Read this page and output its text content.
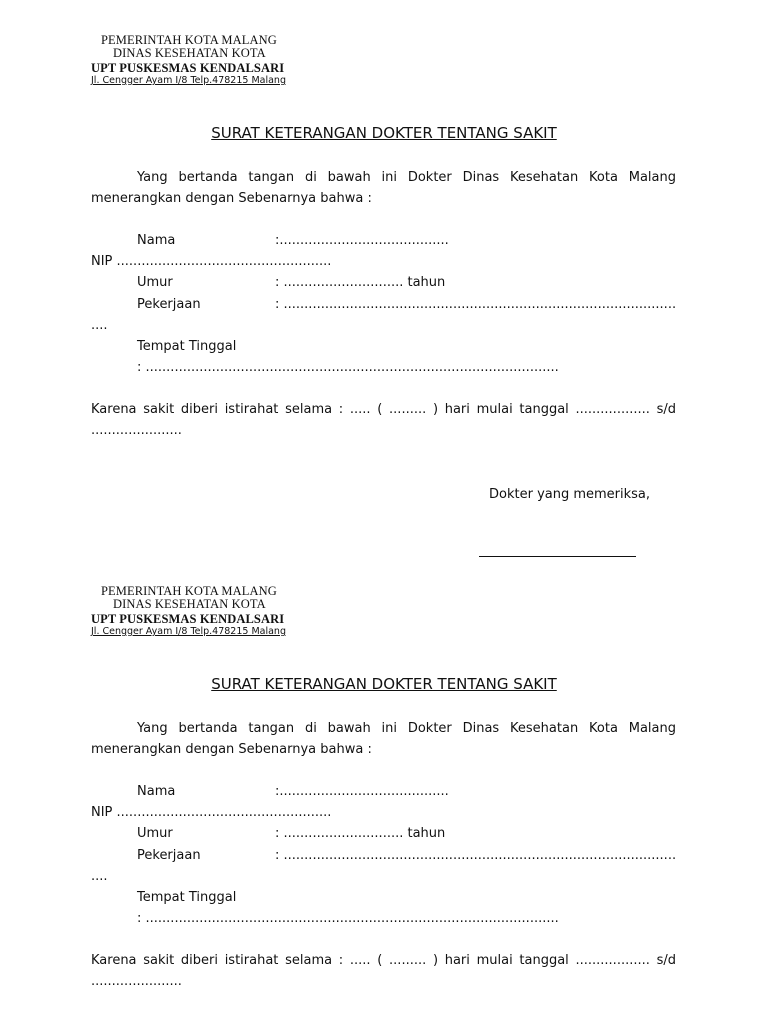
PEMERINTAH KOTA MALANG
DINAS KESEHATAN KOTA
UPT PUSKESMAS KENDALSARI
Jl. Cengger Ayam I/8 Telp.478215 Malang
SURAT KETERANGAN DOKTER TENTANG SAKIT
Yang bertanda tangan di bawah ini Dokter Dinas Kesehatan Kota Malang menerangkan dengan Sebenarnya bahwa :
Nama	:.........................................
NIP ....................................................
Umur	: ............................. tahun
Pekerjaan	: ...............................................................................................
....
Tempat Tinggal
: ....................................................................................................
Karena sakit diberi istirahat selama : ..... ( ......... ) hari mulai tanggal .................. s/d ......................
Dokter yang memeriksa,
PEMERINTAH KOTA MALANG
DINAS KESEHATAN KOTA
UPT PUSKESMAS KENDALSARI
Jl. Cengger Ayam I/8 Telp.478215 Malang
SURAT KETERANGAN DOKTER TENTANG SAKIT
Yang bertanda tangan di bawah ini Dokter Dinas Kesehatan Kota Malang menerangkan dengan Sebenarnya bahwa :
Nama	:.........................................
NIP ....................................................
Umur	: ............................. tahun
Pekerjaan	: ...............................................................................................
....
Tempat Tinggal
: ....................................................................................................
Karena sakit diberi istirahat selama : ..... ( ......... ) hari mulai tanggal .................. s/d ......................
